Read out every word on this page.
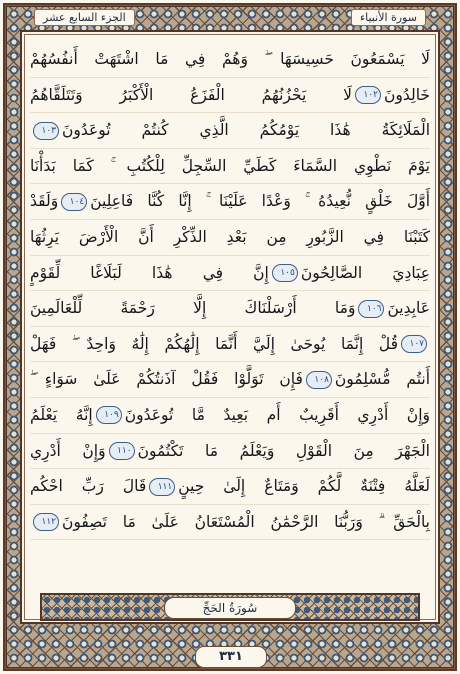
سورة الأنبياء
الجزء السابع عشر
لَا يَسْمَعُونَ حَسِيسَهَا ۖ وَهُمْ فِي مَا اشْتَهَتْ أَنفُسُهُمْ
خَالِدُونَ١٠٢لَا يَحْزُنُهُمُ الْفَزَعُ الْأَكْبَرُ وَتَتَلَقَّاهُمُ
الْمَلَائِكَةُ هَٰذَا يَوْمُكُمُ الَّذِي كُنتُمْ تُوعَدُونَ١٠٣
يَوْمَ نَطْوِي السَّمَاءَ كَطَيِّ السِّجِلِّ لِلْكُتُبِ ۚ كَمَا بَدَأْنَا
أَوَّلَ خَلْقٍ نُّعِيدُهُ ۚ وَعْدًا عَلَيْنَا ۚ إِنَّا كُنَّا فَاعِلِينَ١٠٤وَلَقَدْ
كَتَبْنَا فِي الزَّبُورِ مِن بَعْدِ الذِّكْرِ أَنَّ الْأَرْضَ يَرِثُهَا
عِبَادِيَ الصَّالِحُونَ١٠٥إِنَّ فِي هَٰذَا لَبَلَاغًا لِّقَوْمٍ
عَابِدِينَ١٠٦وَمَا أَرْسَلْنَاكَ إِلَّا رَحْمَةً لِّلْعَالَمِينَ
١٠٧قُلْ إِنَّمَا يُوحَىٰ إِلَيَّ أَنَّمَا إِلَٰهُكُمْ إِلَٰهٌ وَاحِدٌ ۖ فَهَلْ
أَنتُم مُّسْلِمُونَ١٠٨فَإِن تَوَلَّوْا فَقُلْ آذَنتُكُمْ عَلَىٰ سَوَاءٍ ۖ
وَإِنْ أَدْرِي أَقَرِيبٌ أَم بَعِيدٌ مَّا تُوعَدُونَ١٠٩إِنَّهُ يَعْلَمُ
الْجَهْرَ مِنَ الْقَوْلِ وَيَعْلَمُ مَا تَكْتُمُونَ١١٠وَإِنْ أَدْرِي
لَعَلَّهُ فِتْنَةٌ لَّكُمْ وَمَتَاعٌ إِلَىٰ حِينٍ١١١قَالَ رَبِّ احْكُم
بِالْحَقِّ ۗ وَرَبُّنَا الرَّحْمَٰنُ الْمُسْتَعَانُ عَلَىٰ مَا تَصِفُونَ١١٢
سُورَةُ الحَجِّ
٣٣١
